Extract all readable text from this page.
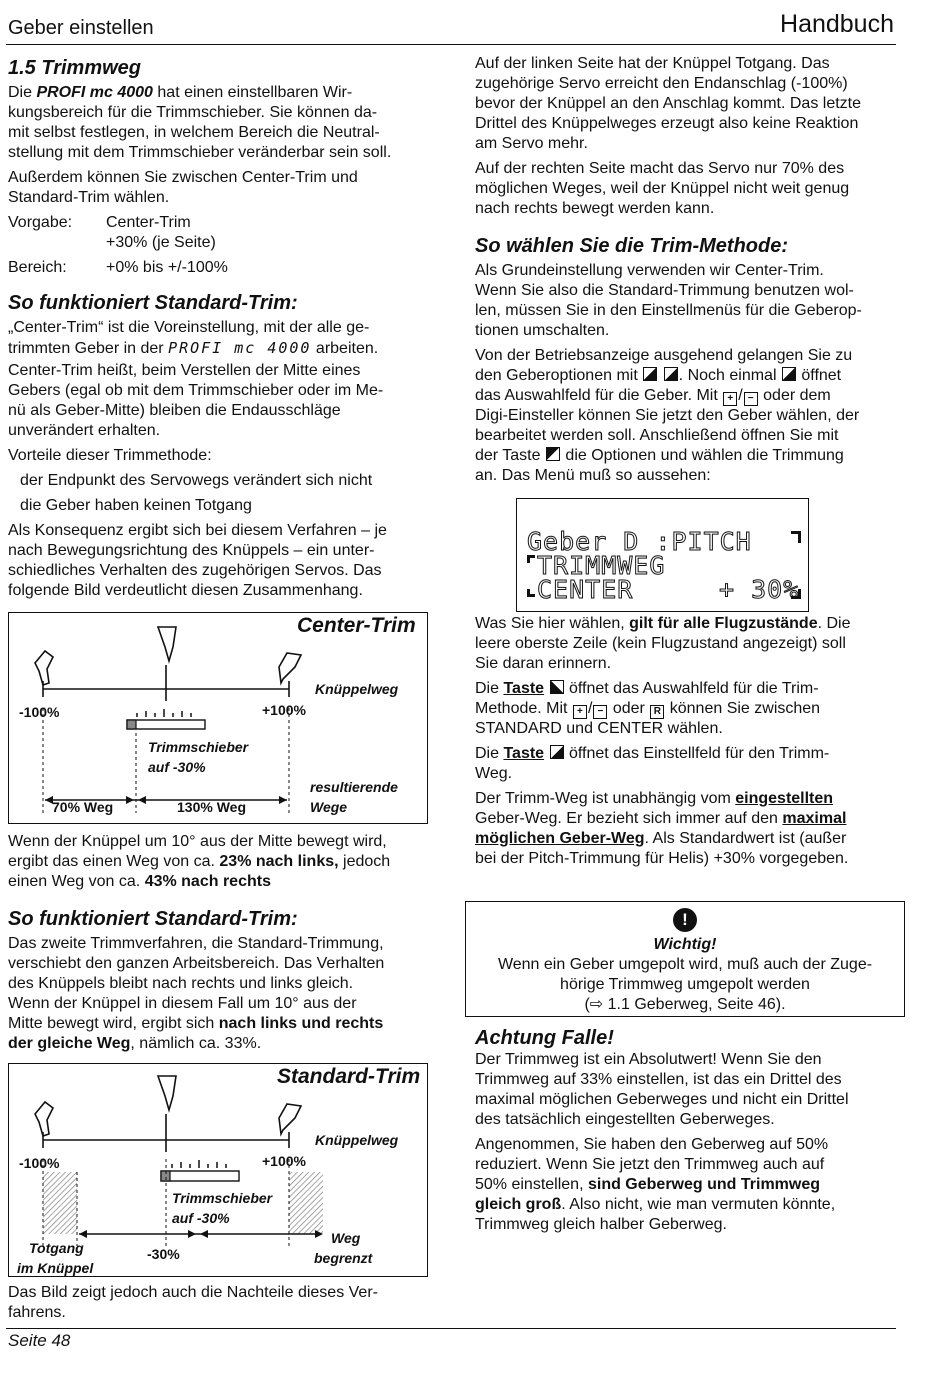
Geber einstellen	Handbuch
Seite 48
1.5 Trimmweg

Die PROFI mc 4000 hat einen einstellbaren Wir-
kungsbereich für die Trimmschieber. Sie können da-
mit selbst festlegen, in welchem Bereich die Neutral-
stellung mit dem Trimmschieber veränderbar sein soll.

Außerdem können Sie zwischen Center-Trim und
Standard-Trim wählen.

Vorgabe:	Center-Trim
+30% (je Seite)
Bereich:	+0% bis +/-100%
So funktioniert Standard-Trim:

„Center-Trim“ ist die Voreinstellung, mit der alle ge-
trimmten Geber in der PROFI mc 4000 arbeiten.

Center-Trim heißt, beim Verstellen der Mitte eines
Gebers (egal ob mit dem Trimmschieber oder im Me-
nü als Geber-Mitte) bleiben die Endausschläge
unverändert erhalten.

Vorteile dieser Trimmethode:

der Endpunkt des Servowegs verändert sich nicht

die Geber haben keinen Totgang

Als Konsequenz ergibt sich bei diesem Verfahren – je
nach Bewegungsrichtung des Knüppels – ein unter-
schiedliches Verhalten des zugehörigen Servos. Das
folgende Bild verdeutlicht diesen Zusammenhang.

Center-Trim
Knüppelweg
-100%	+100%
Trimmschieber
auf -30%
resultierende
Wege
70% Weg	130% Weg

Wenn der Knüppel um 10° aus der Mitte bewegt wird,
ergibt das einen Weg von ca. 23% nach links, jedoch
einen Weg von ca. 43% nach rechts

So funktioniert Standard-Trim:

Das zweite Trimmverfahren, die Standard-Trimmung,
verschiebt den ganzen Arbeitsbereich. Das Verhalten
des Knüppels bleibt nach rechts und links gleich.
Wenn der Knüppel in diesem Fall um 10° aus der
Mitte bewegt wird, ergibt sich nach links und rechts
der gleiche Weg, nämlich ca. 33%.

Standard-Trim
Knüppelweg
-100%	+100%
Trimmschieber
auf -30%
Totgang
im Knüppel
-30%
Weg
begrenzt

Das Bild zeigt jedoch auch die Nachteile dieses Ver-
fahrens.

Auf der linken Seite hat der Knüppel Totgang. Das
zugehörige Servo erreicht den Endanschlag (-100%)
bevor der Knüppel an den Anschlag kommt. Das letzte
Drittel des Knüppelweges erzeugt also keine Reaktion
am Servo mehr.

Auf der rechten Seite macht das Servo nur 70% des
möglichen Weges, weil der Knüppel nicht weit genug
nach rechts bewegt werden kann.

So wählen Sie die Trim-Methode:

Als Grundeinstellung verwenden wir Center-Trim.
Wenn Sie also die Standard-Trimmung benutzen wol-
len, müssen Sie in den Einstellmenüs für die Geberop-
tionen umschalten.

Von der Betriebsanzeige ausgehend gelangen Sie zu
den Geberoptionen mit  . Noch einmal  öffnet
das Auswahlfeld für die Geber. Mit + / − oder dem
Digi-Einsteller können Sie jetzt den Geber wählen, der
bearbeitet werden soll. Anschließend öffnen Sie mit
der Taste  die Optionen und wählen die Trimmung
an. Das Menü muß so aussehen:

Geber D :PITCH
TRIMMWEG
CENTER	+ 30%

Was Sie hier wählen, gilt für alle Flugzustände. Die
leere oberste Zeile (kein Flugzustand angezeigt) soll
Sie daran erinnern.

Die Taste  öffnet das Auswahlfeld für die Trim-
Methode. Mit + / − oder R können Sie zwischen
STANDARD und CENTER wählen.

Die Taste  öffnet das Einstellfeld für den Trimm-
Weg.

Der Trimm-Weg ist unabhängig vom eingestellten
Geber-Weg. Er bezieht sich immer auf den maximal
möglichen Geber-Weg. Als Standardwert ist (außer
bei der Pitch-Trimmung für Helis) +30% vorgegeben.

!
Wichtig!
Wenn ein Geber umgepolt wird, muß auch der Zuge-
hörige Trimmweg umgepolt werden
(⇨ 1.1 Geberweg, Seite 46).
Achtung Falle!

Der Trimmweg ist ein Absolutwert! Wenn Sie den
Trimmweg auf 33% einstellen, ist das ein Drittel des
maximal möglichen Geberweges und nicht ein Drittel
des tatsächlich eingestellten Geberweges.

Angenommen, Sie haben den Geberweg auf 50%
reduziert. Wenn Sie jetzt den Trimmweg auch auf
50% einstellen, sind Geberweg und Trimmweg
gleich groß. Also nicht, wie man vermuten könnte,
Trimmweg gleich halber Geberweg.
